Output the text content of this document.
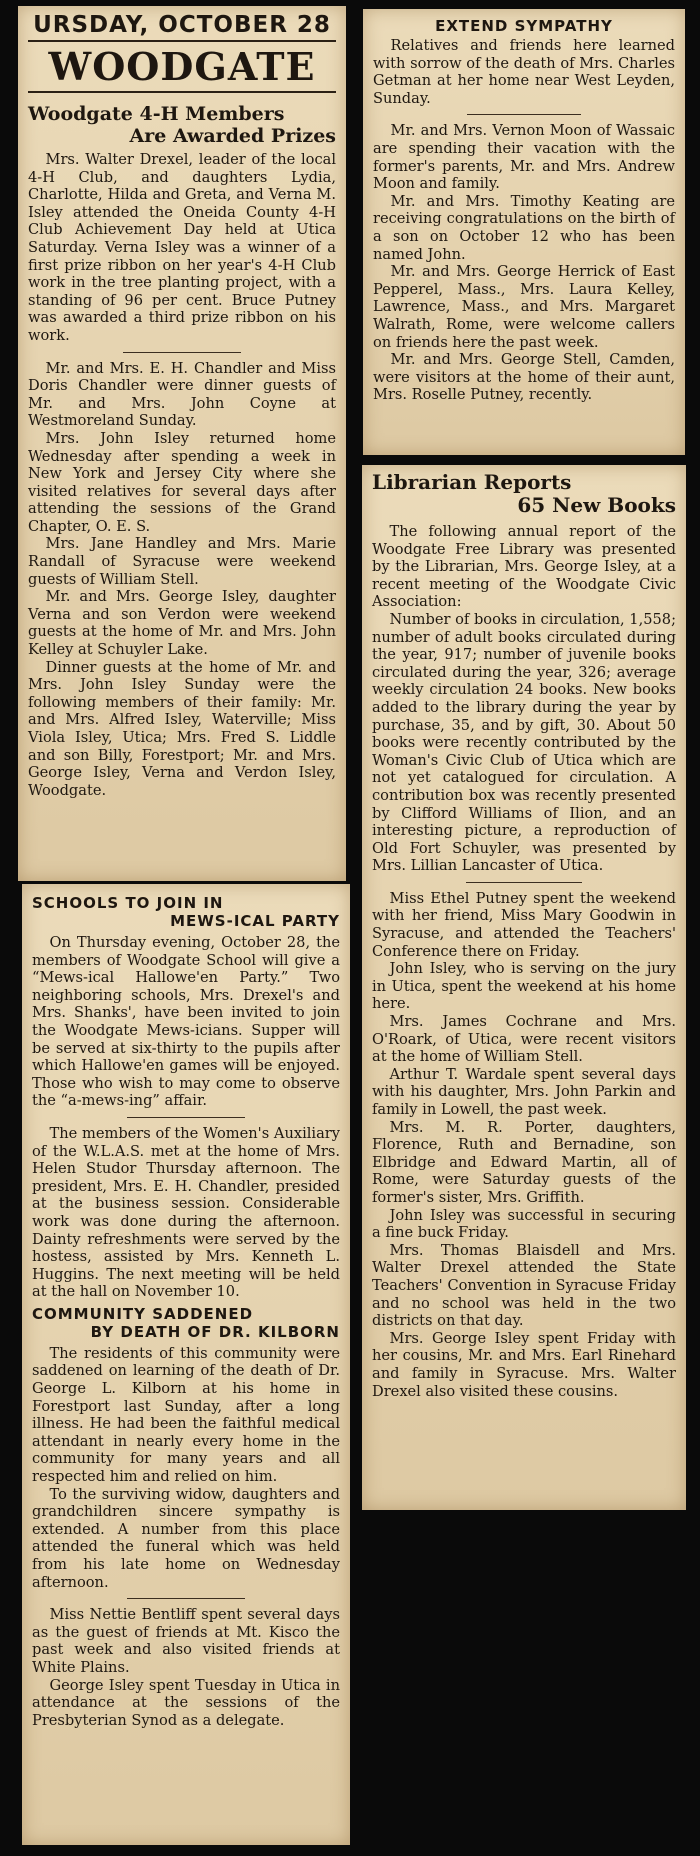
URSDAY, OCTOBER 28
WOODGATE
Woodgate 4-H Members
Are Awarded Prizes

Mrs. Walter Drexel, leader of the local 4-H Club, and daughters Lydia, Charlotte, Hilda and Greta, and Verna M. Isley attended the Oneida County 4-H Club Achievement Day held at Utica Saturday. Verna Isley was a winner of a first prize ribbon on her year's 4-H Club work in the tree planting project, with a standing of 96 per cent. Bruce Putney was awarded a third prize ribbon on his work.

Mr. and Mrs. E. H. Chandler and Miss Doris Chandler were dinner guests of Mr. and Mrs. John Coyne at Westmoreland Sunday.

Mrs. John Isley returned home Wednesday after spending a week in New York and Jersey City where she visited relatives for several days after attending the sessions of the Grand Chapter, O. E. S.

Mrs. Jane Handley and Mrs. Marie Randall of Syracuse were weekend guests of William Stell.

Mr. and Mrs. George Isley, daughter Verna and son Verdon were weekend guests at the home of Mr. and Mrs. John Kelley at Schuyler Lake.

Dinner guests at the home of Mr. and Mrs. John Isley Sunday were the following members of their family: Mr. and Mrs. Alfred Isley, Waterville; Miss Viola Isley, Utica; Mrs. Fred S. Liddle and son Billy, Forestport; Mr. and Mrs. George Isley, Verna and Verdon Isley, Woodgate.

EXTEND SYMPATHY

Relatives and friends here learned with sorrow of the death of Mrs. Charles Getman at her home near West Leyden, Sunday.

Mr. and Mrs. Vernon Moon of Wassaic are spending their vacation with the former's parents, Mr. and Mrs. Andrew Moon and family.

Mr. and Mrs. Timothy Keating are receiving congratulations on the birth of a son on October 12 who has been named John.

Mr. and Mrs. George Herrick of East Pepperel, Mass., Mrs. Laura Kelley, Lawrence, Mass., and Mrs. Margaret Walrath, Rome, were welcome callers on friends here the past week.

Mr. and Mrs. George Stell, Camden, were visitors at the home of their aunt, Mrs. Roselle Putney, recently.

Librarian Reports
65 New Books

The following annual report of the Woodgate Free Library was presented by the Librarian, Mrs. George Isley, at a recent meeting of the Woodgate Civic Association:

Number of books in circulation, 1,558; number of adult books circulated during the year, 917; number of juvenile books circulated during the year, 326; average weekly circulation 24 books. New books added to the library during the year by purchase, 35, and by gift, 30. About 50 books were recently contributed by the Woman's Civic Club of Utica which are not yet catalogued for circulation. A contribution box was recently presented by Clifford Williams of Ilion, and an interesting picture, a reproduction of Old Fort Schuyler, was presented by Mrs. Lillian Lancaster of Utica.

Miss Ethel Putney spent the weekend with her friend, Miss Mary Goodwin in Syracuse, and attended the Teachers' Conference there on Friday.

John Isley, who is serving on the jury in Utica, spent the weekend at his home here.

Mrs. James Cochrane and Mrs. O'Roark, of Utica, were recent visitors at the home of William Stell.

Arthur T. Wardale spent several days with his daughter, Mrs. John Parkin and family in Lowell, the past week.

Mrs. M. R. Porter, daughters, Florence, Ruth and Bernadine, son Elbridge and Edward Martin, all of Rome, were Saturday guests of the former's sister, Mrs. Griffith.

John Isley was successful in securing a fine buck Friday.

Mrs. Thomas Blaisdell and Mrs. Walter Drexel attended the State Teachers' Convention in Syracuse Friday and no school was held in the two districts on that day.

Mrs. George Isley spent Friday with her cousins, Mr. and Mrs. Earl Rinehard and family in Syracuse. Mrs. Walter Drexel also visited these cousins.

SCHOOLS TO JOIN IN
MEWS-ICAL PARTY

On Thursday evening, October 28, the members of Woodgate School will give a “Mews-ical Hallowe'en Party.” Two neighboring schools, Mrs. Drexel's and Mrs. Shanks', have been invited to join the Woodgate Mews-icians. Supper will be served at six-thirty to the pupils after which Hallowe'en games will be enjoyed. Those who wish to may come to observe the “a-mews-ing” affair.

The members of the Women's Auxiliary of the W.L.A.S. met at the home of Mrs. Helen Studor Thursday afternoon. The president, Mrs. E. H. Chandler, presided at the business session. Considerable work was done during the afternoon. Dainty refreshments were served by the hostess, assisted by Mrs. Kenneth L. Huggins. The next meeting will be held at the hall on November 10.

COMMUNITY SADDENED
BY DEATH OF DR. KILBORN

The residents of this community were saddened on learning of the death of Dr. George L. Kilborn at his home in Forestport last Sunday, after a long illness. He had been the faithful medical attendant in nearly every home in the community for many years and all respected him and relied on him.

To the surviving widow, daughters and grandchildren sincere sympathy is extended. A number from this place attended the funeral which was held from his late home on Wednesday afternoon.

Miss Nettie Bentliff spent several days as the guest of friends at Mt. Kisco the past week and also visited friends at White Plains.

George Isley spent Tuesday in Utica in attendance at the sessions of the Presbyterian Synod as a delegate.
